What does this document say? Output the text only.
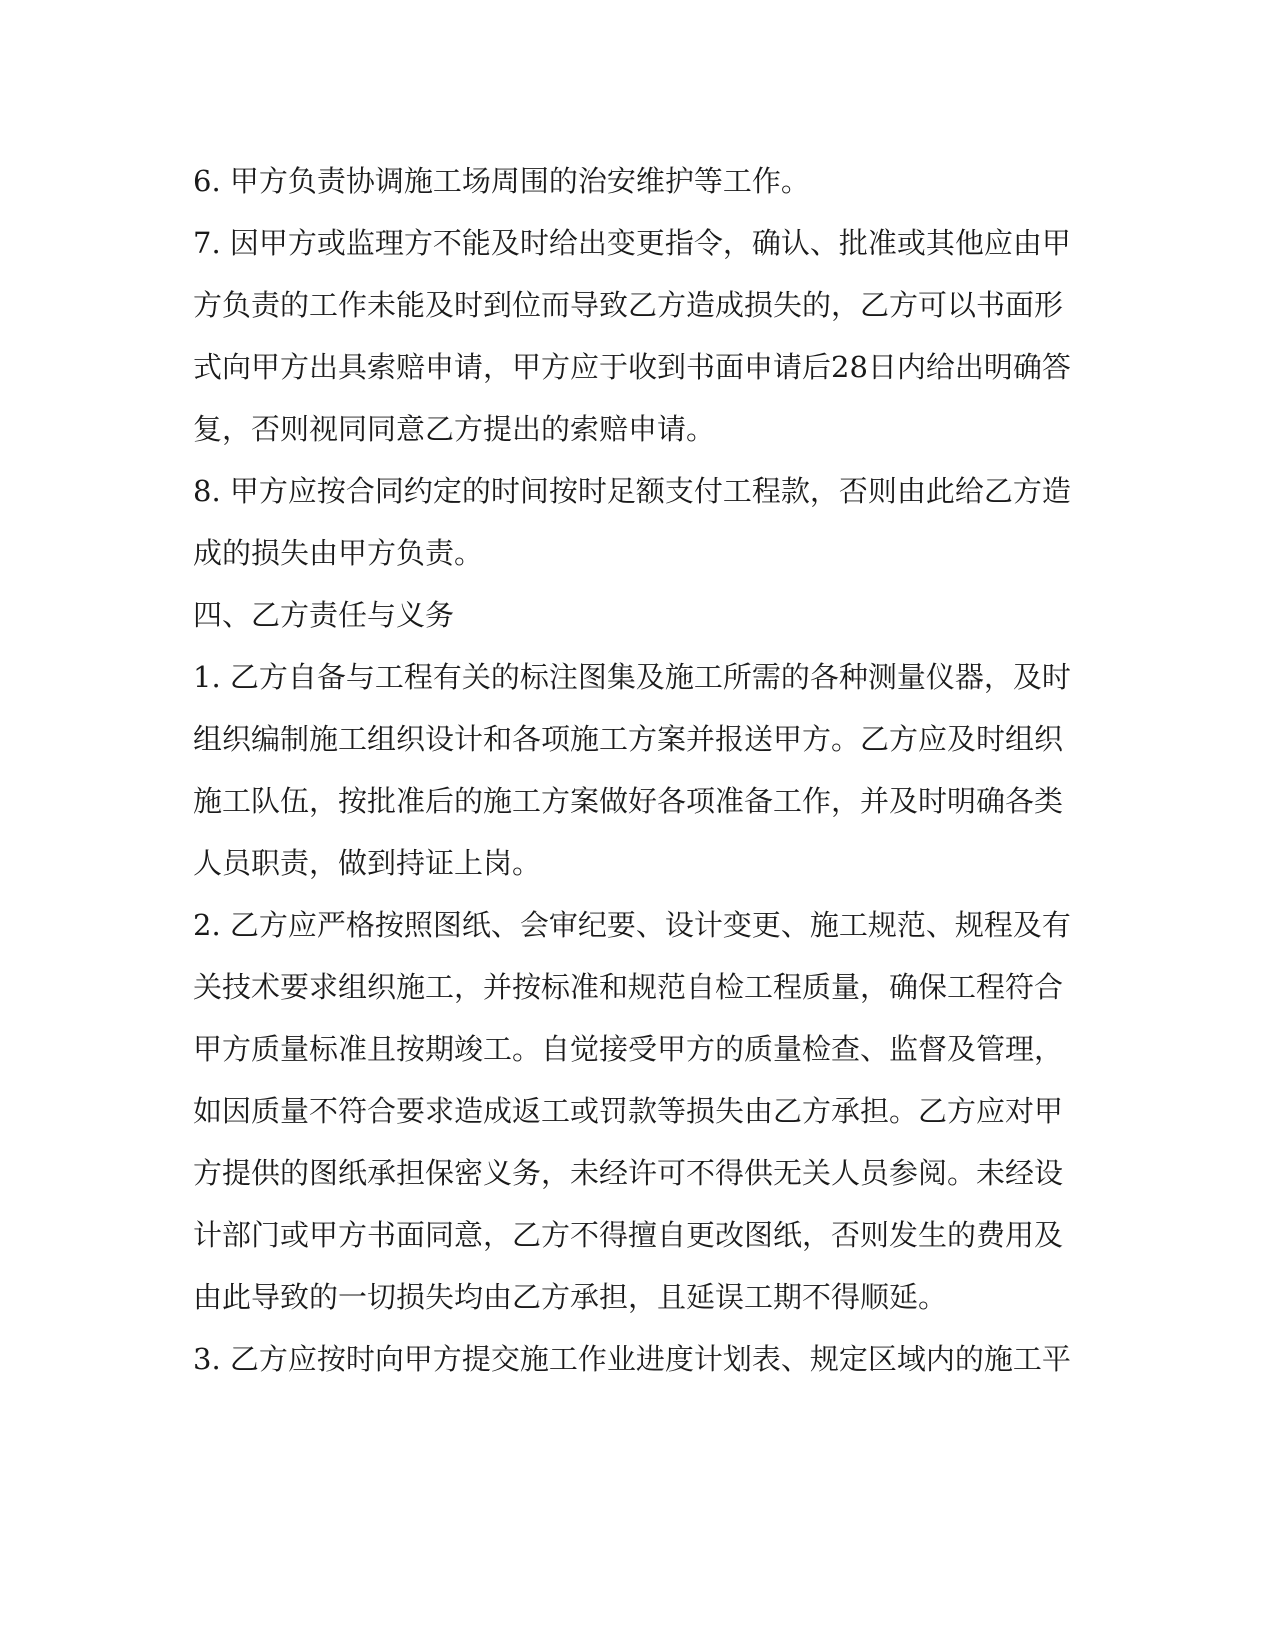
6. 甲方负责协调施工场周围的治安维护等工作。
7. 因甲方或监理方不能及时给出变更指令，确认、批准或其他应由甲
方负责的工作未能及时到位而导致乙方造成损失的，乙方可以书面形
式向甲方出具索赔申请，甲方应于收到书面申请后28日内给出明确答
复，否则视同同意乙方提出的索赔申请。
8. 甲方应按合同约定的时间按时足额支付工程款，否则由此给乙方造
成的损失由甲方负责。
四、乙方责任与义务
1. 乙方自备与工程有关的标注图集及施工所需的各种测量仪器，及时
组织编制施工组织设计和各项施工方案并报送甲方。乙方应及时组织
施工队伍，按批准后的施工方案做好各项准备工作，并及时明确各类
人员职责，做到持证上岗。
2. 乙方应严格按照图纸、会审纪要、设计变更、施工规范、规程及有
关技术要求组织施工，并按标准和规范自检工程质量，确保工程符合
甲方质量标准且按期竣工。自觉接受甲方的质量检查、监督及管理，
如因质量不符合要求造成返工或罚款等损失由乙方承担。乙方应对甲
方提供的图纸承担保密义务，未经许可不得供无关人员参阅。未经设
计部门或甲方书面同意，乙方不得擅自更改图纸，否则发生的费用及
由此导致的一切损失均由乙方承担，且延误工期不得顺延。
3. 乙方应按时向甲方提交施工作业进度计划表、规定区域内的施工平
